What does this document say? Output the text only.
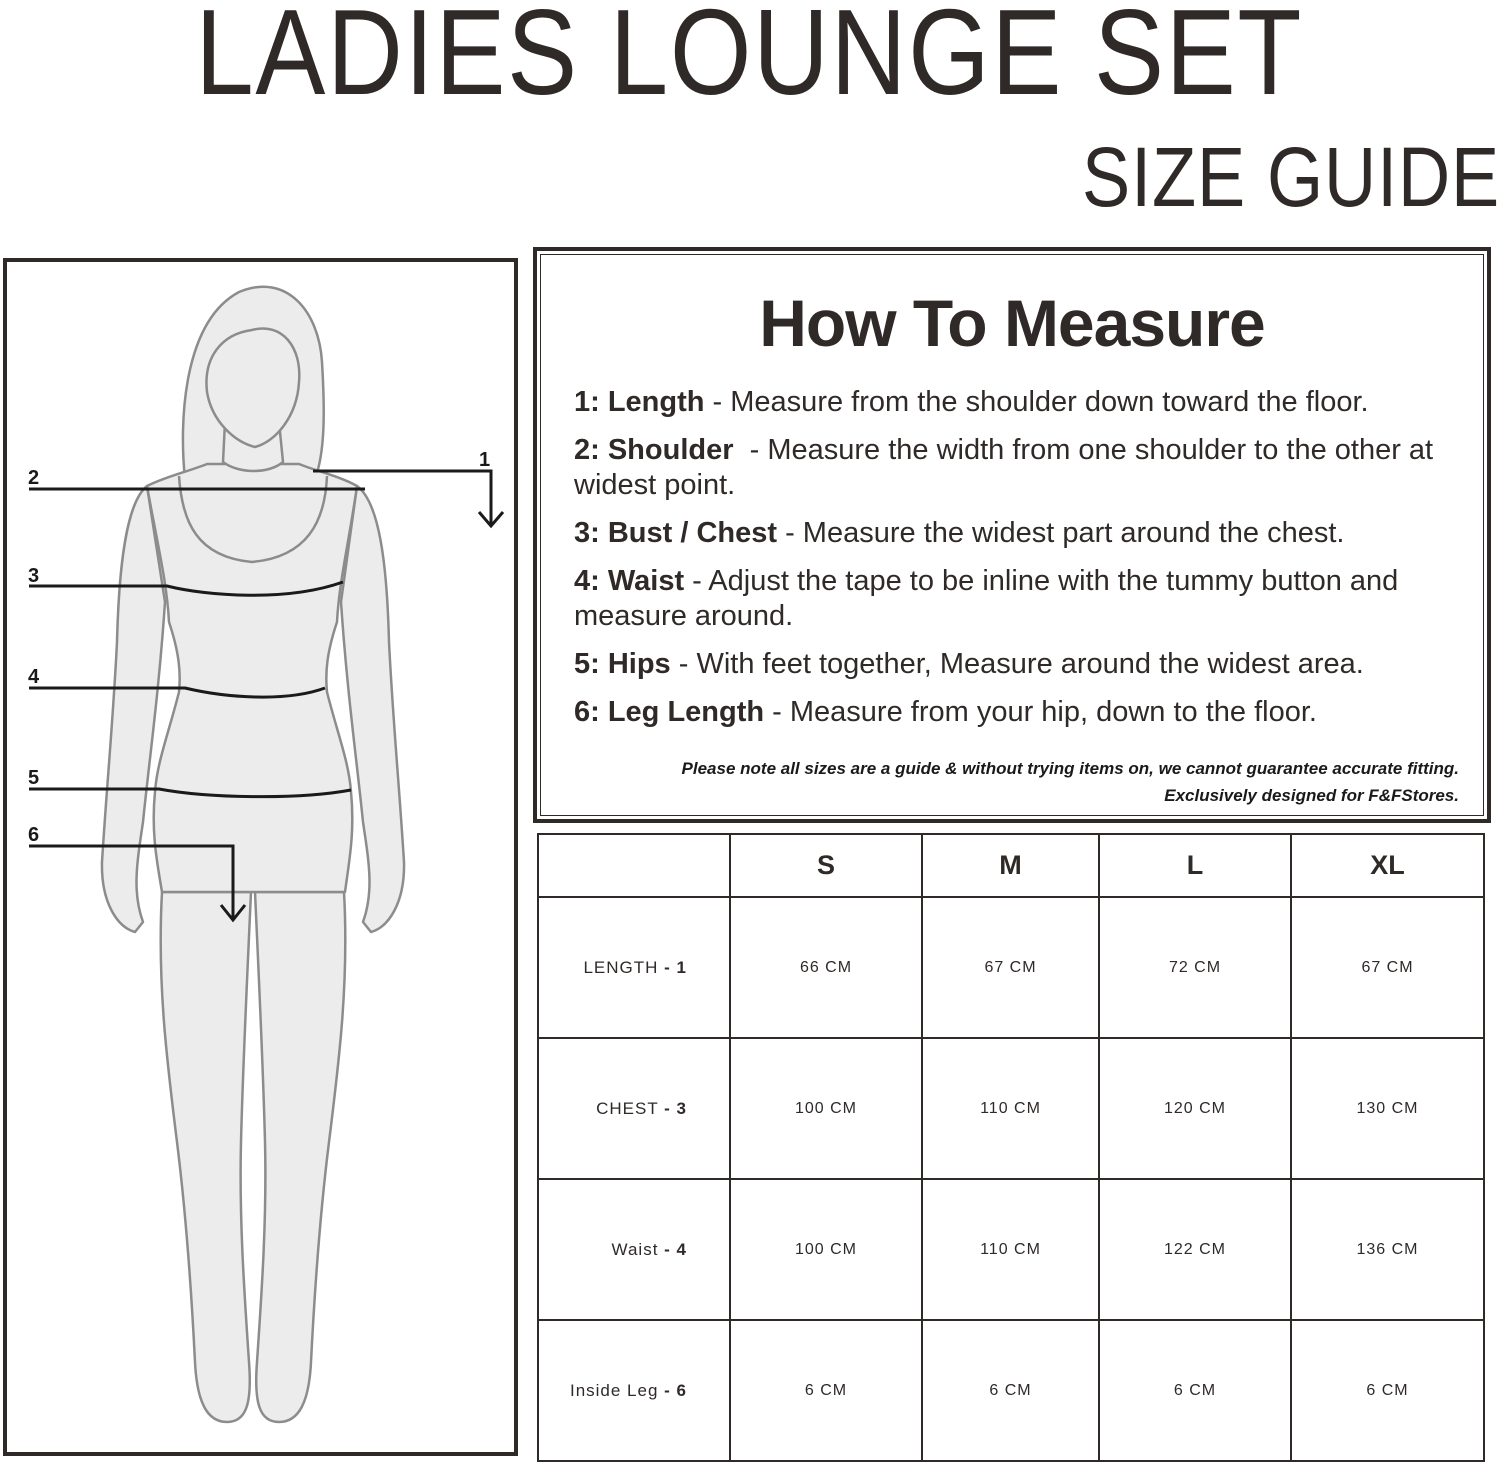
LADIES LOUNGE SET
SIZE GUIDE
1
2
3
4
5
6
How To Measure
1: Length - Measure from the shoulder down toward the floor.
2: Shoulder  - Measure the width from one shoulder to the other at widest point.
3: Bust / Chest - Measure the widest part around the chest.
4: Waist - Adjust the tape to be inline with the tummy button and measure around.
5: Hips - With feet together, Measure around the widest area.
6: Leg Length - Measure from your hip, down to the floor.
Please note all sizes are a guide & without trying items on, we cannot guarantee accurate fitting.
Exclusively designed for F&FStores.
	S	M	L	XL
LENGTH - 1	66 CM	67 CM	72 CM	67 CM
CHEST - 3	100 CM	110 CM	120 CM	130 CM
Waist - 4	100 CM	110 CM	122 CM	136 CM
Inside Leg - 6	6 CM	6 CM	6 CM	6 CM
